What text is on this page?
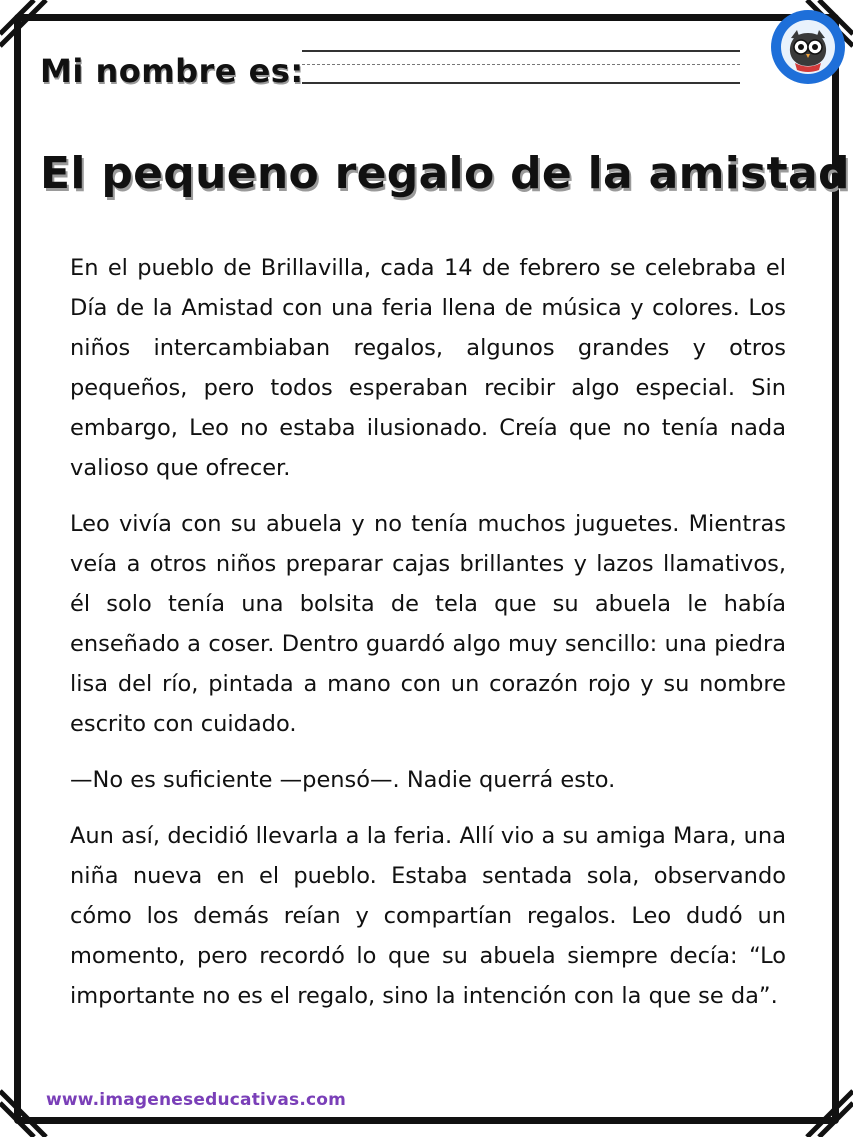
Mi nombre es:
El pequeno regalo de la amistad

En el pueblo de Brillavilla, cada 14 de febrero se celebraba el Día de la Amistad con una feria llena de música y colores. Los niños intercambiaban regalos, algunos grandes y otros pequeños, pero todos esperaban recibir algo especial. Sin embargo, Leo no estaba ilusionado. Creía que no tenía nada valioso que ofrecer.

Leo vivía con su abuela y no tenía muchos juguetes. Mientras veía a otros niños preparar cajas brillantes y lazos llamativos, él solo tenía una bolsita de tela que su abuela le había enseñado a coser. Dentro guardó algo muy sencillo: una piedra lisa del río, pintada a mano con un corazón rojo y su nombre escrito con cuidado.

—No es suficiente —pensó—. Nadie querrá esto.

Aun así, decidió llevarla a la feria. Allí vio a su amiga Mara, una niña nueva en el pueblo. Estaba sentada sola, observando cómo los demás reían y compartían regalos. Leo dudó un momento, pero recordó lo que su abuela siempre decía: “Lo importante no es el regalo, sino la intención con la que se da”.

www.imageneseducativas.com
